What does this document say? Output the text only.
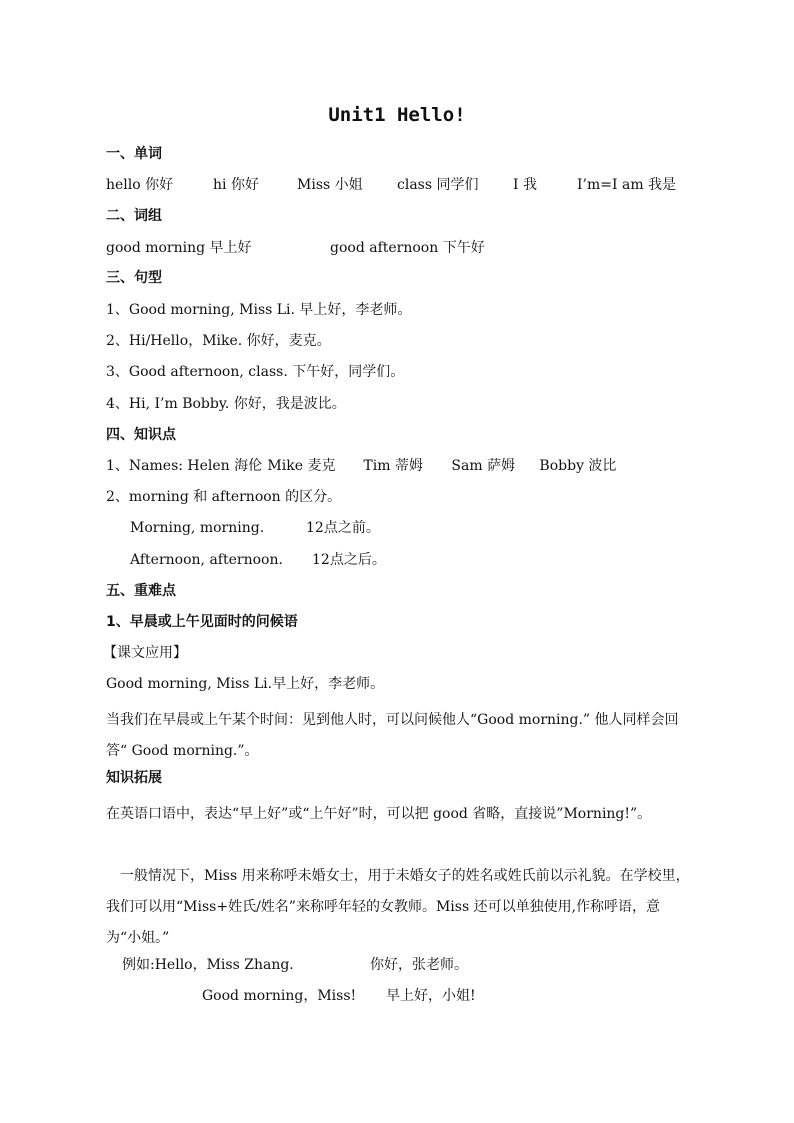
Unit1 Hello!
一、单词
hello 你好	hi 你好	Miss 小姐 class 同学们 I 我	I’m=I am 我是
二、词组
good morning 早上好	good afternoon 下午好
三、句型
1、Good morning, Miss Li. 早上好，李老师。
2、Hi/Hello，Mike. 你好，麦克。
3、Good afternoon, class. 下午好，同学们。
4、Hi, I’m Bobby. 你好，我是波比。
四、知识点
1、Names: Helen 海伦 Mike 麦克 Tim 蒂姆 Sam 萨姆 Bobby 波比
2、morning 和 afternoon 的区分。
Morning, morning.	12点之前。
Afternoon, afternoon. 12点之后。
五、重难点
1、早晨或上午见面时的问候语
【课文应用】
Good morning, Miss Li.早上好，李老师。
当我们在早晨或上午某个时间：见到他人时，可以问候他人“Good morning.” 他人同样会回答“ Good morning.”。
知识拓展
在英语口语中，表达“早上好”或“上午好”时，可以把 good 省略，直接说”Morning!”。
　一般情况下，Miss 用来称呼未婚女士，用于未婚女子的姓名或姓氏前以示礼貌。在学校里，我们可以用“Miss+姓氏/姓名”来称呼年轻的女教师。Miss 还可以单独使用,作称呼语，意为“小姐。”
例如:Hello，Miss Zhang.	你好，张老师。
Good morning，Miss! 早上好，小姐!
